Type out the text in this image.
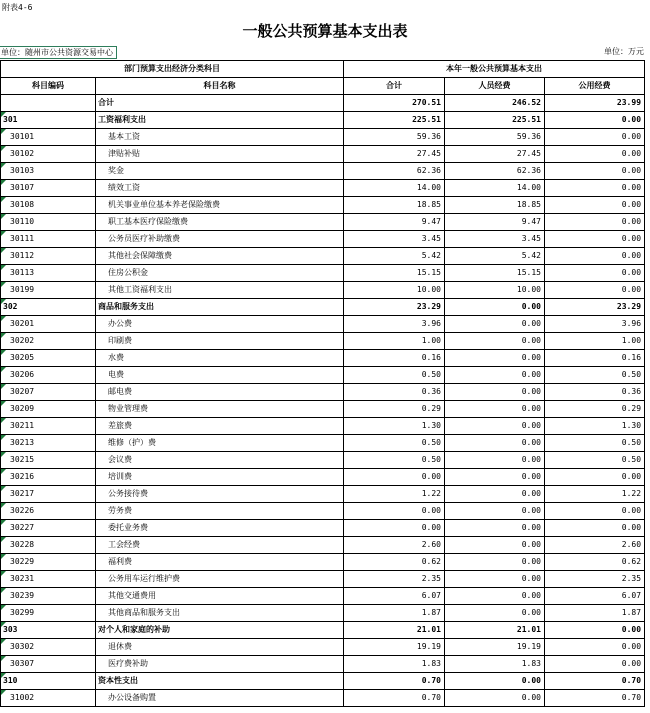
附表4-6
一般公共预算基本支出表
单位：随州市公共资源交易中心	单位：万元
部门预算支出经济分类科目		本年一般公共预算基本支出		
科目编码	科目名称	合计	人员经费	公用经费
	合计	270.51	246.52	23.99

301	工资福利支出	225.51	225.51	0.00

30101	基本工资	59.36	59.36	0.00

30102	津贴补贴	27.45	27.45	0.00

30103	奖金	62.36	62.36	0.00

30107	绩效工资	14.00	14.00	0.00

30108	机关事业单位基本养老保险缴费	18.85	18.85	0.00

30110	职工基本医疗保险缴费	9.47	9.47	0.00

30111	公务员医疗补助缴费	3.45	3.45	0.00

30112	其他社会保障缴费	5.42	5.42	0.00

30113	住房公积金	15.15	15.15	0.00

30199	其他工资福利支出	10.00	10.00	0.00

302	商品和服务支出	23.29	0.00	23.29

30201	办公费	3.96	0.00	3.96

30202	印刷费	1.00	0.00	1.00

30205	水费	0.16	0.00	0.16

30206	电费	0.50	0.00	0.50

30207	邮电费	0.36	0.00	0.36

30209	物业管理费	0.29	0.00	0.29

30211	差旅费	1.30	0.00	1.30

30213	维修（护）费	0.50	0.00	0.50

30215	会议费	0.50	0.00	0.50

30216	培训费	0.00	0.00	0.00

30217	公务接待费	1.22	0.00	1.22

30226	劳务费	0.00	0.00	0.00

30227	委托业务费	0.00	0.00	0.00

30228	工会经费	2.60	0.00	2.60

30229	福利费	0.62	0.00	0.62

30231	公务用车运行维护费	2.35	0.00	2.35

30239	其他交通费用	6.07	0.00	6.07

30299	其他商品和服务支出	1.87	0.00	1.87

303	对个人和家庭的补助	21.01	21.01	0.00

30302	退休费	19.19	19.19	0.00

30307	医疗费补助	1.83	1.83	0.00

310	资本性支出	0.70	0.00	0.70

31002	办公设备购置	0.70	0.00	0.70
